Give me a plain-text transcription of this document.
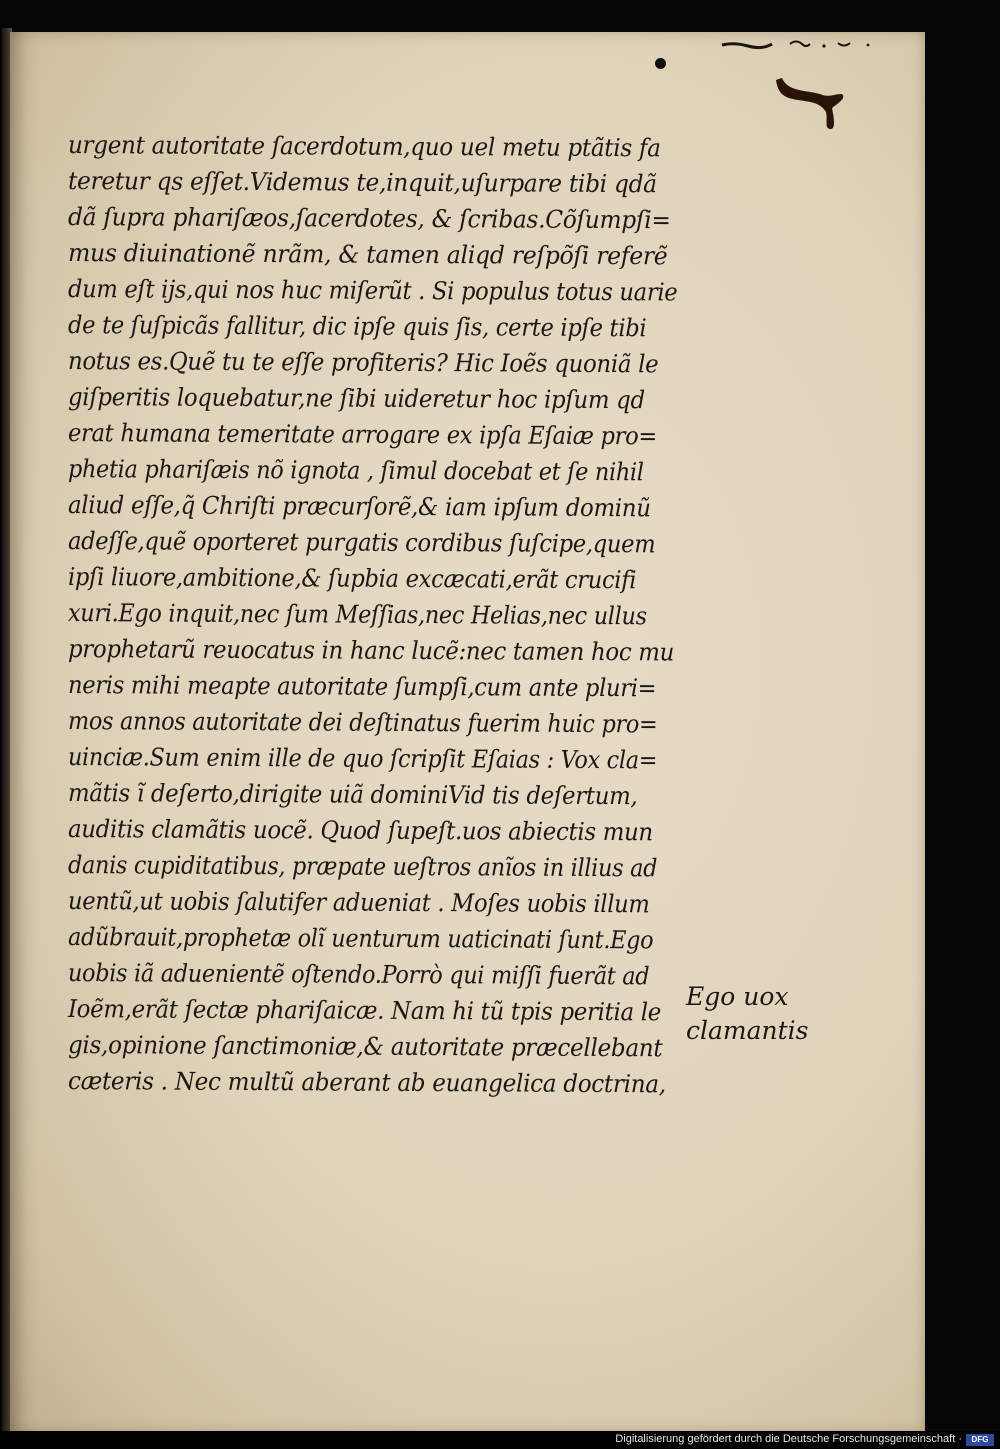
urgent autoritate ſacerdotum,quo uel metu ptãtis fa
teretur qs eſſet.Videmus te,inquit,uſurpare tibi qdã
dã ſupra phariſæos,ſacerdotes, & ſcribas.Cõſumpſi=
mus diuinationẽ nrãm, & tamen aliqd reſpõſi referẽ
dum eſt ijs,qui nos huc miſerũt . Si populus totus uarie
de te ſuſpicãs fallitur, dic ipſe quis ſis, certe ipſe tibi
notus es.Quẽ tu te eſſe profiteris? Hic Ioẽs quoniã le
giſperitis loquebatur,ne ſibi uideretur hoc ipſum qd
erat humana temeritate arrogare ex ipſa Eſaiæ pro=
phetia phariſæis nõ ignota , ſimul docebat et ſe nihil
aliud eſſe,q̃ Chriſti præcurſorẽ,& iam ipſum dominũ
adeſſe,quẽ oporteret purgatis cordibus ſuſcipe,quem
ipſi liuore,ambitione,& ſupbia excæcati,erãt crucifi
xuri.Ego inquit,nec ſum Meſſias,nec Helias,nec ullus
prophetarũ reuocatus in hanc lucẽ:nec tamen hoc mu
neris mihi meapte autoritate ſumpſi,cum ante pluri=
mos annos autoritate dei deſtinatus fuerim huic pro=
uinciæ.Sum enim ille de quo ſcripſit Eſaias : Vox cla=
mãtis ĩ deſerto,dirigite uiã dominiVid tis deſertum,
auditis clamãtis uocẽ. Quod ſupeſt.uos abiectis mun
danis cupiditatibus, præpate ueſtros anĩos in illius ad
uentũ,ut uobis ſalutifer adueniat . Moſes uobis illum
adũbrauit,prophetæ olĩ uenturum uaticinati ſunt.Ego
uobis iã aduenientẽ oſtendo.Porrò qui miſſi fuerãt ad
Ioẽm,erãt ſectæ phariſaicæ. Nam hi tũ tpis peritia le
gis,opinione ſanctimoniæ,& autoritate præcellebant
cæteris . Nec multũ aberant ab euangelica doctrina,
Ego uox
clamantis
Digitalisierung gefördert durch die Deutsche Forschungsgemeinschaft ·	DFG
